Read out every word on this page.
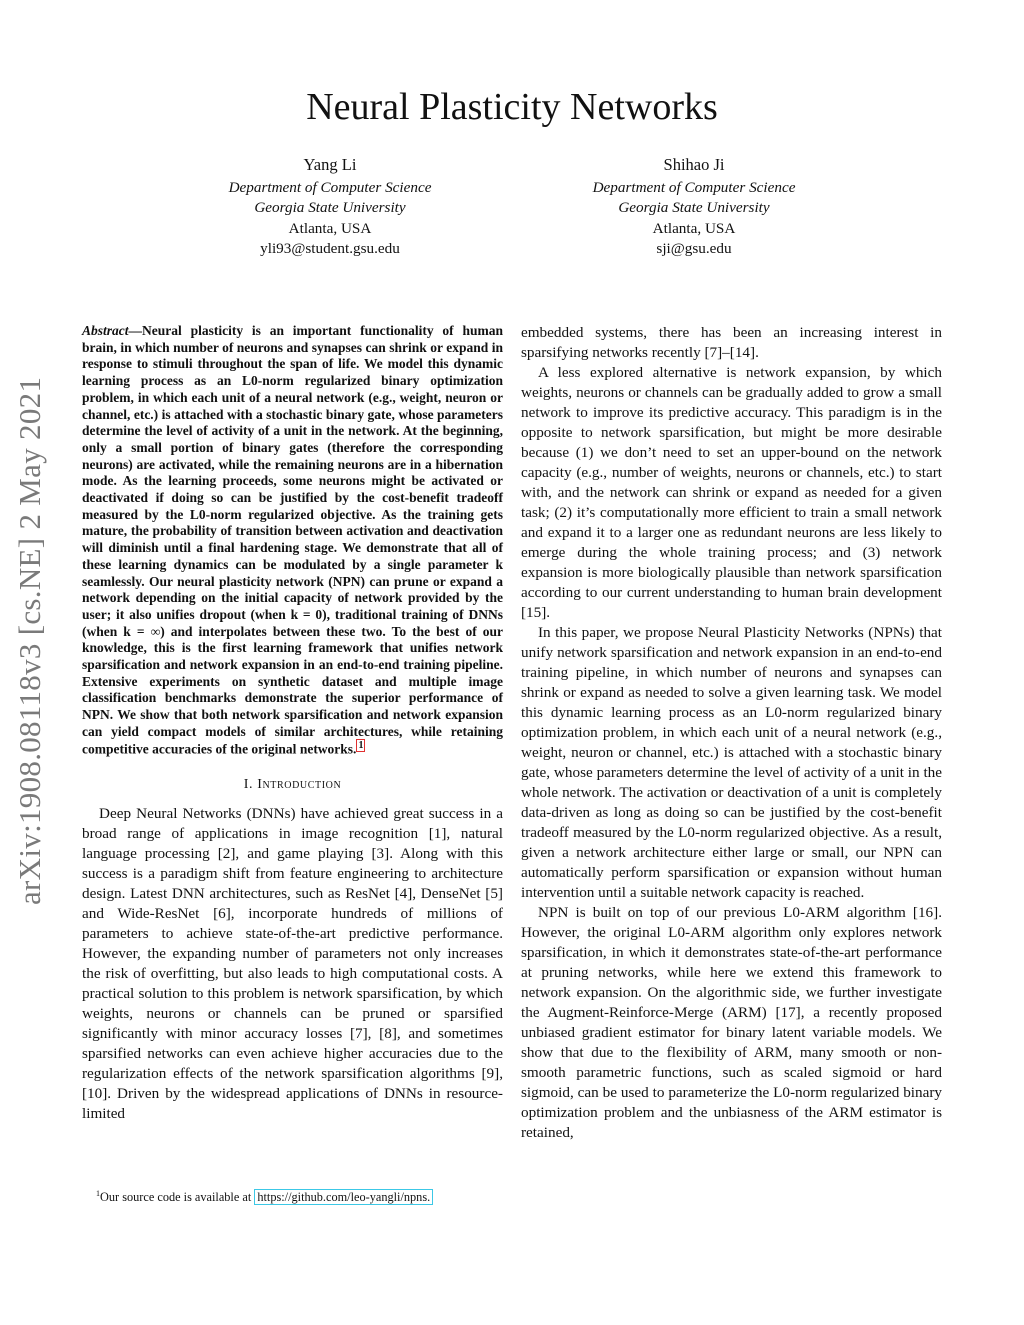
arXiv:1908.08118v3 [cs.NE] 2 May 2021
Neural Plasticity Networks
Yang Li
Department of Computer Science
Georgia State University
Atlanta, USA
yli93@student.gsu.edu
Shihao Ji
Department of Computer Science
Georgia State University
Atlanta, USA
sji@gsu.edu
Abstract—Neural plasticity is an important functionality of human brain, in which number of neurons and synapses can shrink or expand in response to stimuli throughout the span of life. We model this dynamic learning process as an L0-norm regularized binary optimization problem, in which each unit of a neural network (e.g., weight, neuron or channel, etc.) is attached with a stochastic binary gate, whose parameters determine the level of activity of a unit in the network. At the beginning, only a small portion of binary gates (therefore the corresponding neurons) are activated, while the remaining neurons are in a hibernation mode. As the learning proceeds, some neurons might be activated or deactivated if doing so can be justified by the cost-benefit tradeoff measured by the L0-norm regularized objective. As the training gets mature, the probability of transition between activation and deactivation will diminish until a final hardening stage. We demonstrate that all of these learning dynamics can be modulated by a single parameter k seamlessly. Our neural plasticity network (NPN) can prune or expand a network depending on the initial capacity of network provided by the user; it also unifies dropout (when k = 0), traditional training of DNNs (when k = ∞) and interpolates between these two. To the best of our knowledge, this is the first learning framework that unifies network sparsification and network expansion in an end-to-end training pipeline. Extensive experiments on synthetic dataset and multiple image classification benchmarks demonstrate the superior performance of NPN. We show that both network sparsification and network expansion can yield compact models of similar architectures, while retaining competitive accuracies of the original networks. $^1$
I. Introduction

Deep Neural Networks (DNNs) have achieved great success in a broad range of applications in image recognition [1], natural language processing [2], and game playing [3]. Along with this success is a paradigm shift from feature engineering to architecture design. Latest DNN architectures, such as ResNet [4], DenseNet [5] and Wide-ResNet [6], incorporate hundreds of millions of parameters to achieve state-of-the-art predictive performance. However, the expanding number of parameters not only increases the risk of overfitting, but also leads to high computational costs. A practical solution to this problem is network sparsification, by which weights, neurons or channels can be pruned or sparsified significantly with minor accuracy losses [7], [8], and sometimes sparsified networks can even achieve higher accuracies due to the regularization effects of the network sparsification algorithms [9], [10]. Driven by the widespread applications of DNNs in resource-limited

embedded systems, there has been an increasing interest in sparsifying networks recently [7]–[14].

A less explored alternative is network expansion, by which weights, neurons or channels can be gradually added to grow a small network to improve its predictive accuracy. This paradigm is in the opposite to network sparsification, but might be more desirable because (1) we don’t need to set an upper-bound on the network capacity (e.g., number of weights, neurons or channels, etc.) to start with, and the network can shrink or expand as needed for a given task; (2) it’s computationally more efficient to train a small network and expand it to a larger one as redundant neurons are less likely to emerge during the whole training process; and (3) network expansion is more biologically plausible than network sparsification according to our current understanding to human brain development [15].

In this paper, we propose Neural Plasticity Networks (NPNs) that unify network sparsification and network expansion in an end-to-end training pipeline, in which number of neurons and synapses can shrink or expand as needed to solve a given learning task. We model this dynamic learning process as an L0-norm regularized binary optimization problem, in which each unit of a neural network (e.g., weight, neuron or channel, etc.) is attached with a stochastic binary gate, whose parameters determine the level of activity of a unit in the whole network. The activation or deactivation of a unit is completely data-driven as long as doing so can be justified by the cost-benefit tradeoff measured by the L0-norm regularized objective. As a result, given a network architecture either large or small, our NPN can automatically perform sparsification or expansion without human intervention until a suitable network capacity is reached.

NPN is built on top of our previous L0-ARM algorithm [16]. However, the original L0-ARM algorithm only explores network sparsification, in which it demonstrates state-of-the-art performance at pruning networks, while here we extend this framework to network expansion. On the algorithmic side, we further investigate the Augment-Reinforce-Merge (ARM) [17], a recently proposed unbiased gradient estimator for binary latent variable models. We show that due to the flexibility of ARM, many smooth or non-smooth parametric functions, such as scaled sigmoid or hard sigmoid, can be used to parameterize the L0-norm regularized binary optimization problem and the unbiasness of the ARM estimator is retained,

$^1$Our source code is available at https://github.com/leo-yangli/npns.
